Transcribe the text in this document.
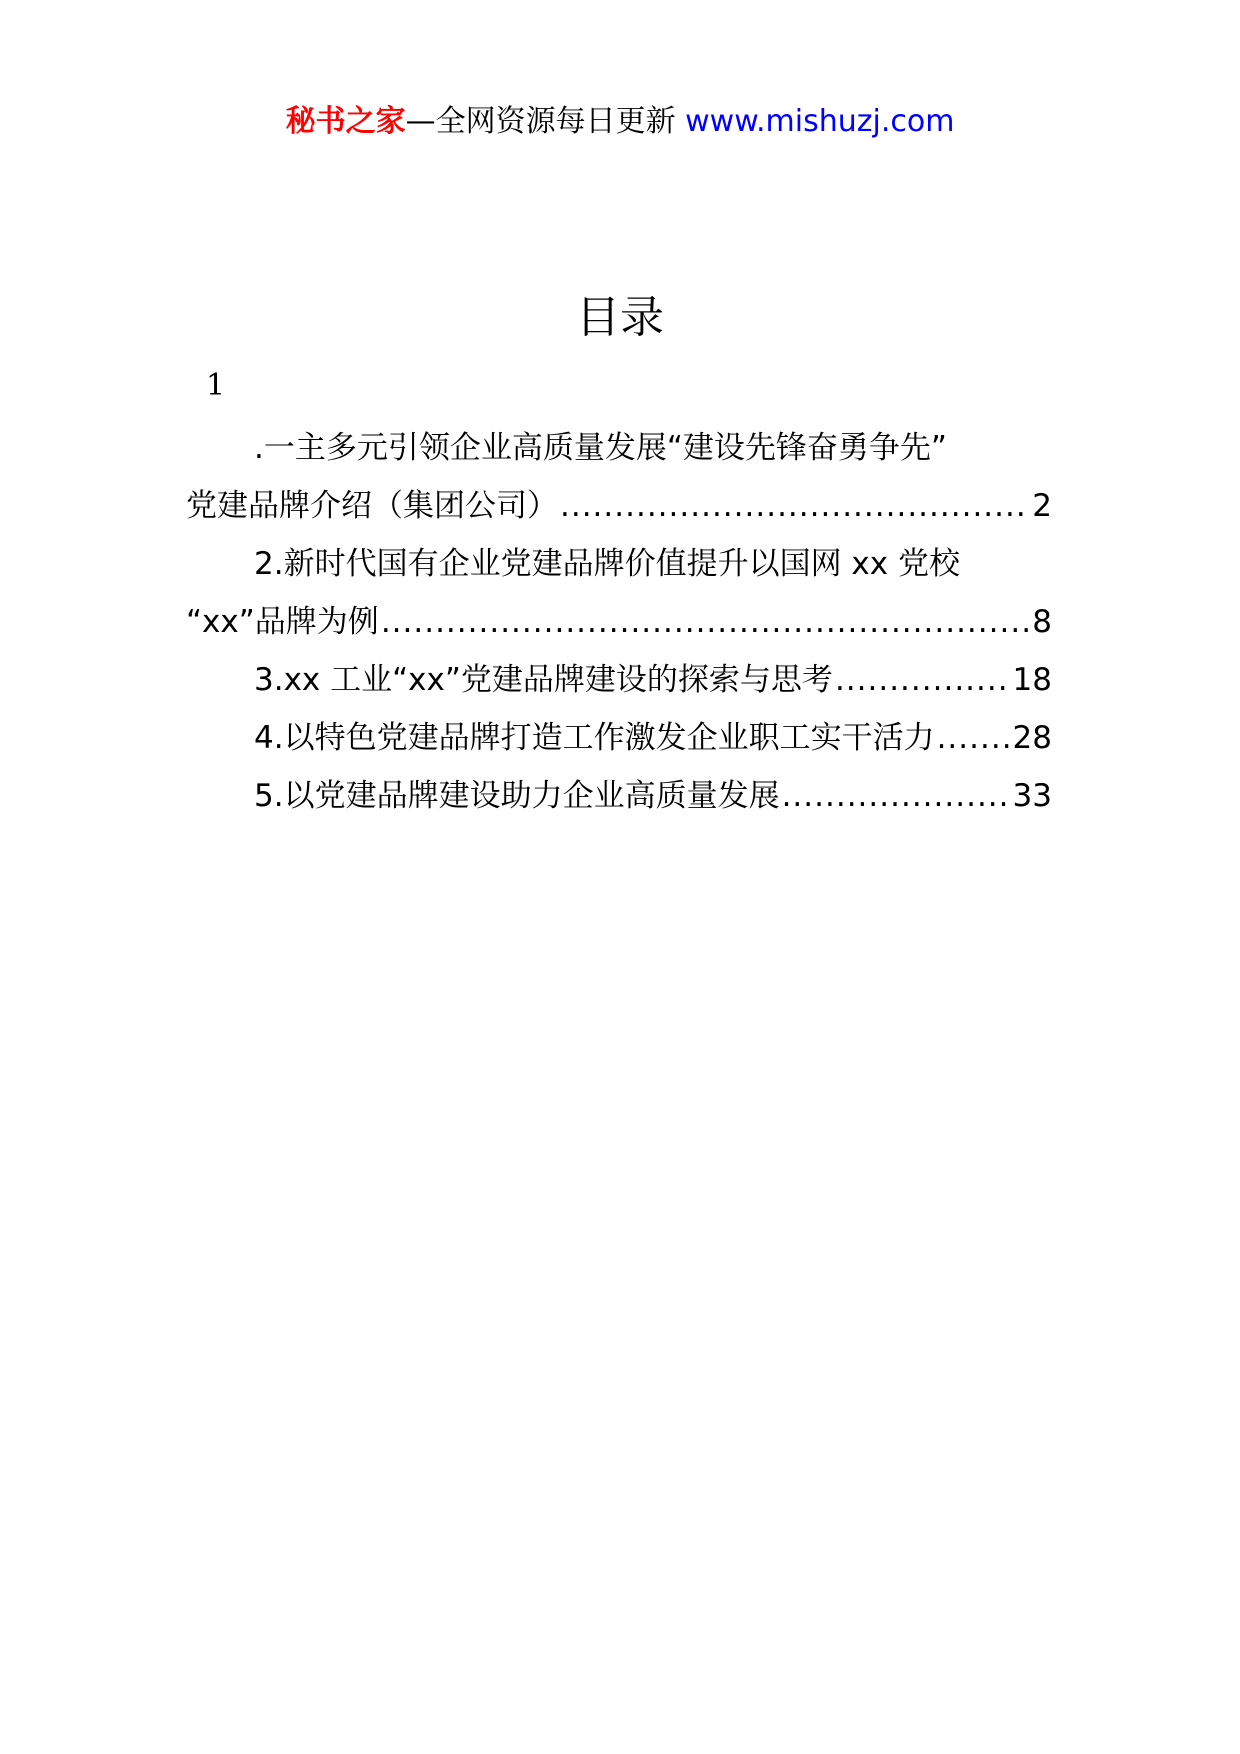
秘书之家—全网资源每日更新 www.mishuzj.com
目录
1
.一主多元引领企业高质量发展“建设先锋奋勇争先”
党建品牌介绍（集团公司） .....	2
2.新时代国有企业党建品牌价值提升以国网 xx 党校
“xx”品牌为例 .....	8
3.xx 工业“xx”党建品牌建设的探索与思考 .....	18
4.以特色党建品牌打造工作激发企业职工实干活力 .....	28
5.以党建品牌建设助力企业高质量发展 .....	33
